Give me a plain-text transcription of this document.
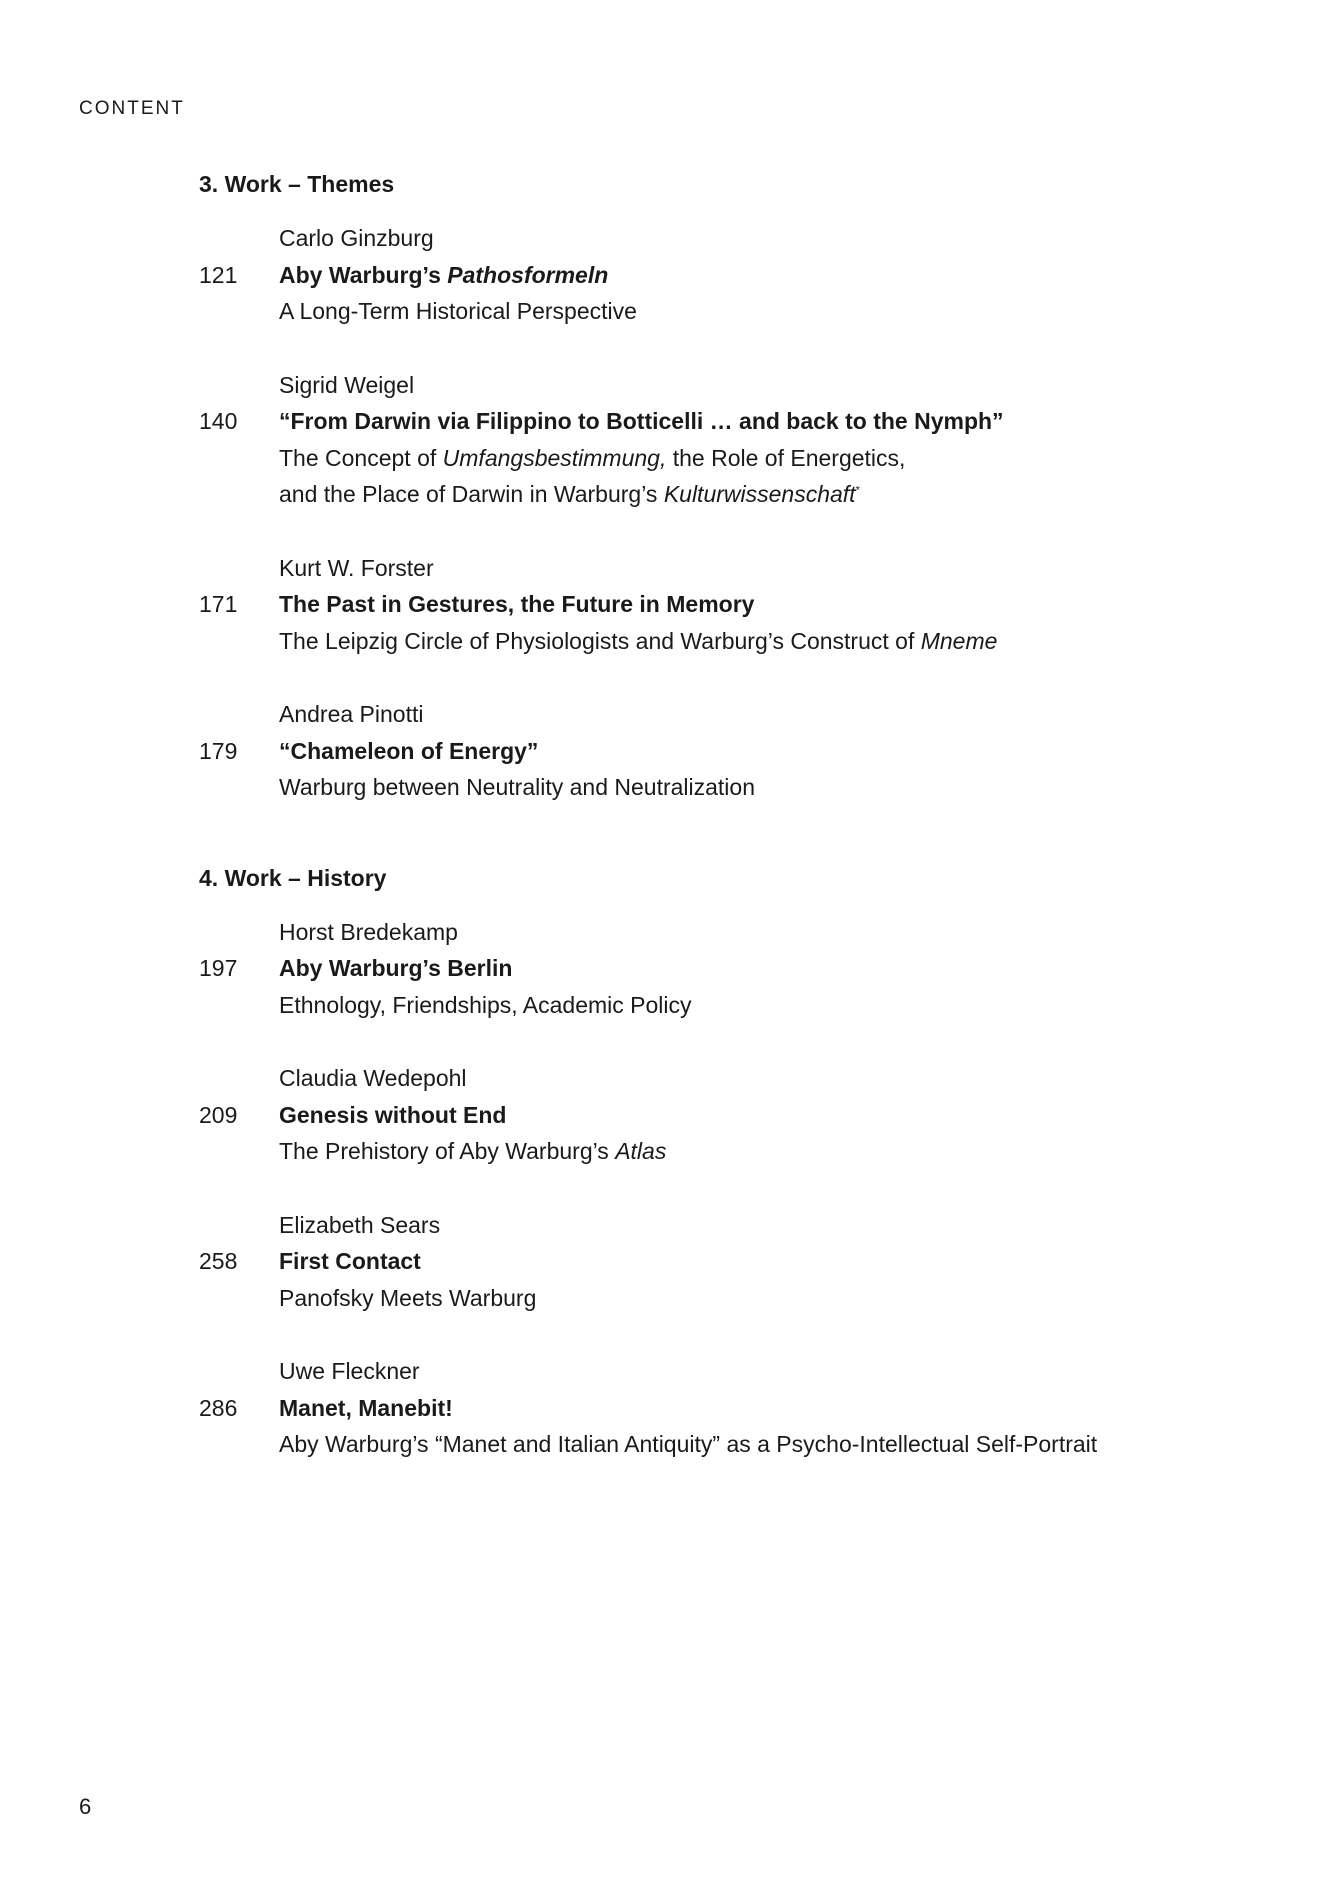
CONTENT
3. Work – Themes
Carlo Ginzburg
121	Aby Warburg’s Pathosformeln
A Long-Term Historical Perspective
Sigrid Weigel
140	“From Darwin via Filippino to Botticelli … and back to the Nymph”
The Concept of Umfangsbestimmung, the Role of Energetics,
and the Place of Darwin in Warburg’s Kulturwissenschaft*
Kurt W. Forster
171	The Past in Gestures, the Future in Memory
The Leipzig Circle of Physiologists and Warburg’s Construct of Mneme
Andrea Pinotti
179	“Chameleon of Energy”
Warburg between Neutrality and Neutralization
4. Work – History
Horst Bredekamp
197	Aby Warburg’s Berlin
Ethnology, Friendships, Academic Policy
Claudia Wedepohl
209	Genesis without End
The Prehistory of Aby Warburg’s Atlas
Elizabeth Sears
258	First Contact
Panofsky Meets Warburg
Uwe Fleckner
286	Manet, Manebit!
Aby Warburg’s “Manet and Italian Antiquity” as a Psycho-Intellectual Self-Portrait
6
